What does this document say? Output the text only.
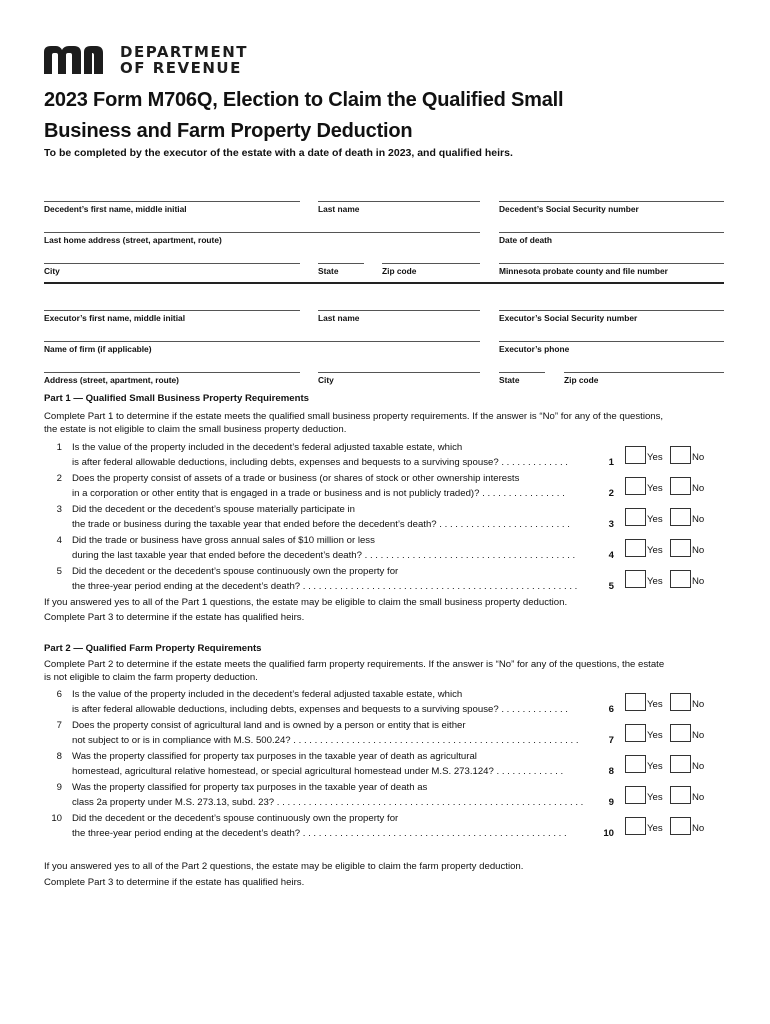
DEPARTMENT
OF REVENUE
2023 Form M706Q, Election to Claim the Qualified Small
Business and Farm Property Deduction
To be completed by the executor of the estate with a date of death in 2023, and qualified heirs.
Decedent’s first name, middle initial	Last name	Decedent’s Social Security number
Last home address (street, apartment, route)	Date of death
City	State	Zip code	Minnesota probate county and file number
Executor’s first name, middle initial	Last name	Executor’s Social Security number
Name of firm (if applicable)	Executor’s phone
Address (street, apartment, route)	City	State	Zip code
Part 1 — Qualified Small Business Property Requirements
Complete Part 1 to determine if the estate meets the qualified small business property requirements. If the answer is “No” for any of the questions,
the estate is not eligible to claim the small business property deduction.
1 Is the value of the property included in the decedent’s federal adjusted taxable estate, which
is after federal allowable deductions, including debts, expenses and bequests to a surviving spouse? . . . . . . . . . . . . .	1	Yes	No
2 Does the property consist of assets of a trade or business (or shares of stock or other ownership interests
in a corporation or other entity that is engaged in a trade or business and is not publicly traded)? . . . . . . . . . . . . . . . .	2	Yes	No
3 Did the decedent or the decedent’s spouse materially participate in
the trade or business during the taxable year that ended before the decedent’s death? . . . . . . . . . . . . . . . . . . . . . . . . .	3	Yes	No
4 Did the trade or business have gross annual sales of $10 million or less
during the last taxable year that ended before the decedent’s death? . . . . . . . . . . . . . . . . . . . . . . . . . . . . . . . . . . . . . . . .	4	Yes	No
5 Did the decedent or the decedent’s spouse continuously own the property for
the three-year period ending at the decedent’s death? . . . . . . . . . . . . . . . . . . . . . . . . . . . . . . . . . . . . . . . . . . . . . . . . . . . .	5	Yes	No
If you answered yes to all of the Part 1 questions, the estate may be eligible to claim the small business property deduction.
Complete Part 3 to determine if the estate has qualified heirs.
Part 2 — Qualified Farm Property Requirements
Complete Part 2 to determine if the estate meets the qualified farm property requirements. If the answer is “No” for any of the questions, the estate
is not eligible to claim the farm property deduction.
6 Is the value of the property included in the decedent’s federal adjusted taxable estate, which
is after federal allowable deductions, including debts, expenses and bequests to a surviving spouse? . . . . . . . . . . . . .	6	Yes	No
7 Does the property consist of agricultural land and is owned by a person or entity that is either
not subject to or is in compliance with M.S. 500.24? . . . . . . . . . . . . . . . . . . . . . . . . . . . . . . . . . . . . . . . . . . . . . . . . . . . . . .	7	Yes	No
8 Was the property classified for property tax purposes in the taxable year of death as agricultural
homestead, agricultural relative homestead, or special agricultural homestead under M.S. 273.124? . . . . . . . . . . . . .	8	Yes	No
9 Was the property classified for property tax purposes in the taxable year of death as
class 2a property under M.S. 273.13, subd. 23? . . . . . . . . . . . . . . . . . . . . . . . . . . . . . . . . . . . . . . . . . . . . . . . . . . . . . . . . . .	9	Yes	No
10 Did the decedent or the decedent’s spouse continuously own the property for
the three-year period ending at the decedent’s death? . . . . . . . . . . . . . . . . . . . . . . . . . . . . . . . . . . . . . . . . . . . . . . . . . .	10	Yes	No
If you answered yes to all of the Part 2 questions, the estate may be eligible to claim the farm property deduction.
Complete Part 3 to determine if the estate has qualified heirs.
